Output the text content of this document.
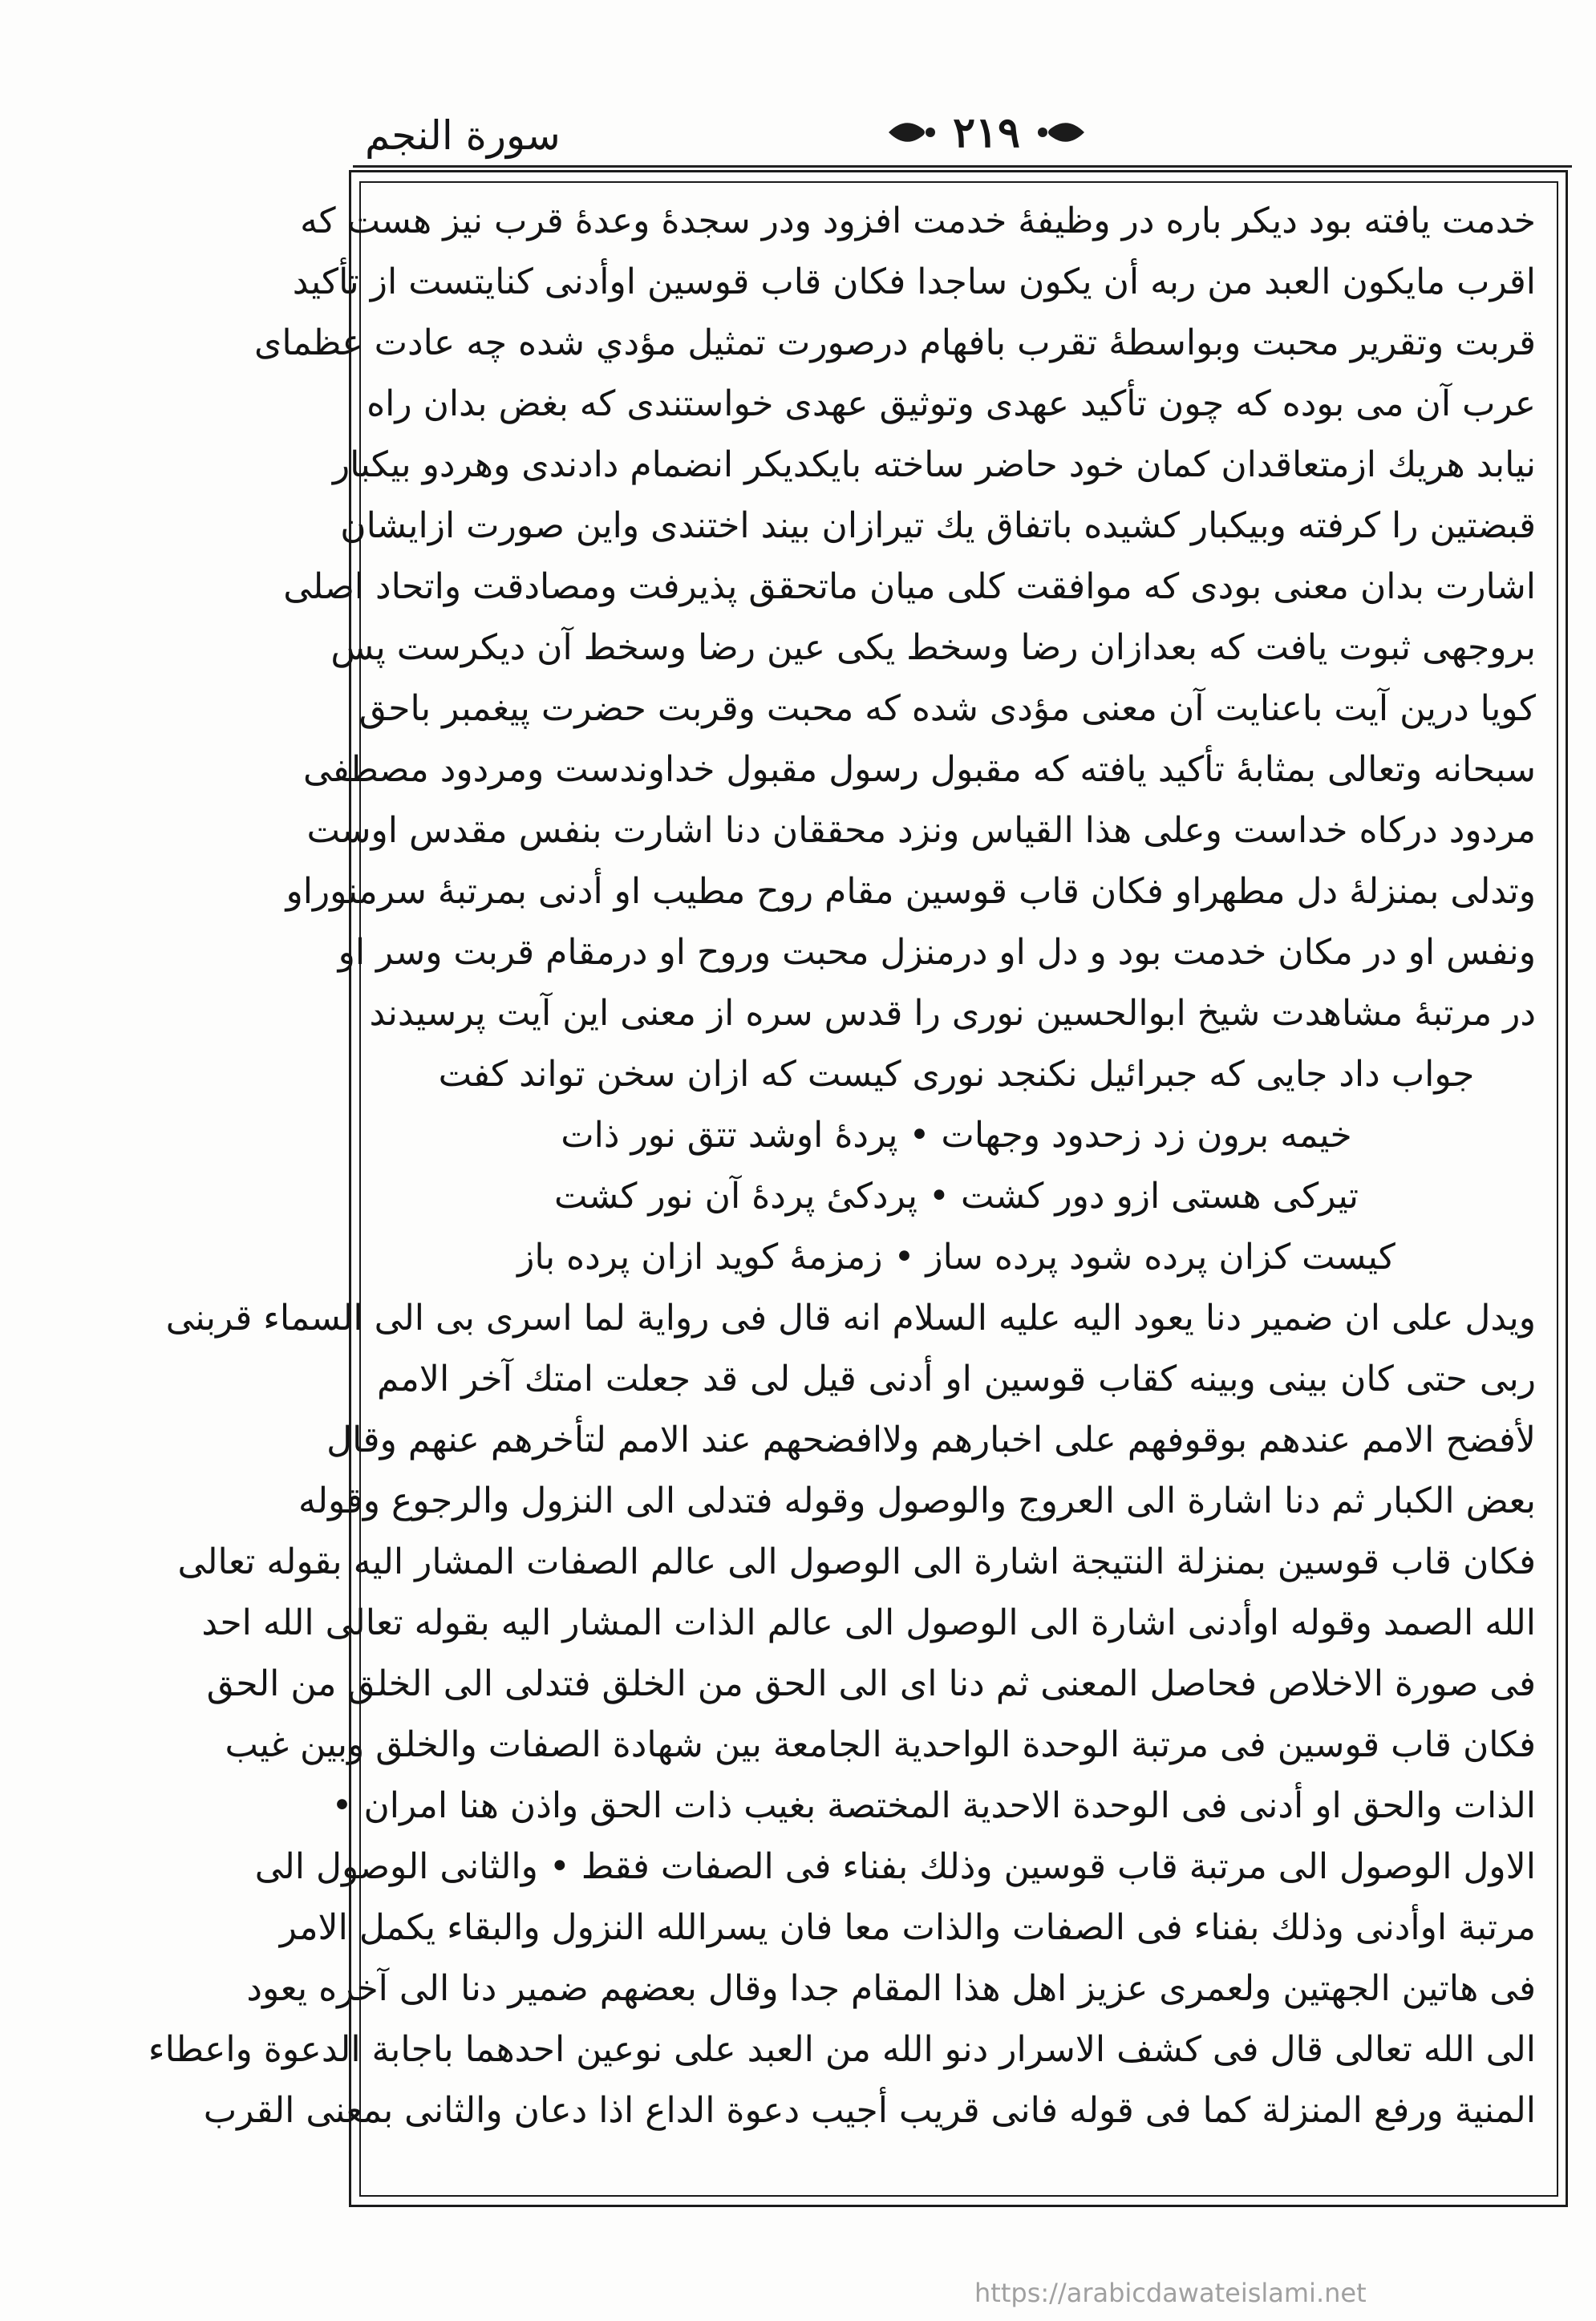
سورة النجم	٢١٩
خدمت يافته بود ديكر باره در وظيفهٔ خدمت افزود ودر سجدهٔ وعدهٔ قرب نيز هست كه
اقرب مايكون العبد من ربه أن يكون ساجدا فكان قاب قوسين اوأدنى كنايتست از تأكيد
قربت وتقرير محبت وبواسطهٔ تقرب بافهام درصورت تمثيل مؤدي شده چه عادت عظماى
عرب آن مى بوده كه چون تأكيد عهدى وتوثيق عهدى خواستندى كه بغض بدان راه
نيابد هريك ازمتعاقدان كمان خود حاضر ساخته بايكديكر انضمام دادندى وهردو بيكبار
قبضتين را كرفته وبيكبار كشيده باتفاق يك تيرازان بيند اختندى واين صورت ازايشان
اشارت بدان معنى بودى كه موافقت كلى ميان ماتحقق پذيرفت ومصادقت واتحاد اصلى
بروجهى ثبوت يافت كه بعدازان رضا وسخط يكى عين رضا وسخط آن ديكرست پس
كويا درين آيت باعنايت آن معنى مؤدى شده كه محبت وقربت حضرت پيغمبر باحق
سبحانه وتعالى بمثابهٔ تأكيد يافته كه مقبول رسول مقبول خداوندست ومردود مصطفى
مردود دركاه خداست وعلى هذا القياس ونزد محققان دنا اشارت بنفس مقدس اوست
وتدلى بمنزلهٔ دل مطهراو فكان قاب قوسين مقام روح مطيب او أدنى بمرتبهٔ سرمنوراو
ونفس او در مكان خدمت بود و دل او درمنزل محبت وروح او درمقام قربت وسر او
در مرتبهٔ مشاهدت شيخ ابوالحسين نورى را قدس سره از معنى اين آيت پرسيدند
جواب داد جايى كه جبرائيل نكنجد نورى كيست كه ازان سخن تواند كفت
خيمه برون زد زحدود وجهات • پردهٔ اوشد تتق نور ذات
تيركى هستى ازو دور كشت • پردكىٔ پردهٔ آن نور كشت
كيست كزان پرده شود پرده ساز • زمزمهٔ كويد ازان پرده باز
ويدل على ان ضمير دنا يعود اليه عليه السلام انه قال فى رواية لما اسرى بى الى السماء قربنى
ربى حتى كان بينى وبينه كقاب قوسين او أدنى قيل لى قد جعلت امتك آخر الامم
لأفضح الامم عندهم بوقوفهم على اخبارهم ولاافضحهم عند الامم لتأخرهم عنهم وقال
بعض الكبار ثم دنا اشارة الى العروج والوصول وقوله فتدلى الى النزول والرجوع وقوله
فكان قاب قوسين بمنزلة النتيجة اشارة الى الوصول الى عالم الصفات المشار اليه بقوله تعالى
الله الصمد وقوله اوأدنى اشارة الى الوصول الى عالم الذات المشار اليه بقوله تعالى الله احد
فى صورة الاخلاص فحاصل المعنى ثم دنا اى الى الحق من الخلق فتدلى الى الخلق من الحق
فكان قاب قوسين فى مرتبة الوحدة الواحدية الجامعة بين شهادة الصفات والخلق وبين غيب
الذات والحق او أدنى فى الوحدة الاحدية المختصة بغيب ذات الحق واذن هنا امران •
الاول الوصول الى مرتبة قاب قوسين وذلك بفناء فى الصفات فقط • والثانى الوصول الى
مرتبة اوأدنى وذلك بفناء فى الصفات والذات معا فان يسرالله النزول والبقاء يكمل الامر
فى هاتين الجهتين ولعمرى عزيز اهل هذا المقام جدا وقال بعضهم ضمير دنا الى آخره يعود
الى الله تعالى قال فى كشف الاسرار دنو الله من العبد على نوعين احدهما باجابة الدعوة واعطاء
المنية ورفع المنزلة كما فى قوله فانى قريب أجيب دعوة الداع اذا دعان والثانى بمعنى القرب
https://arabicdawateislami.net
